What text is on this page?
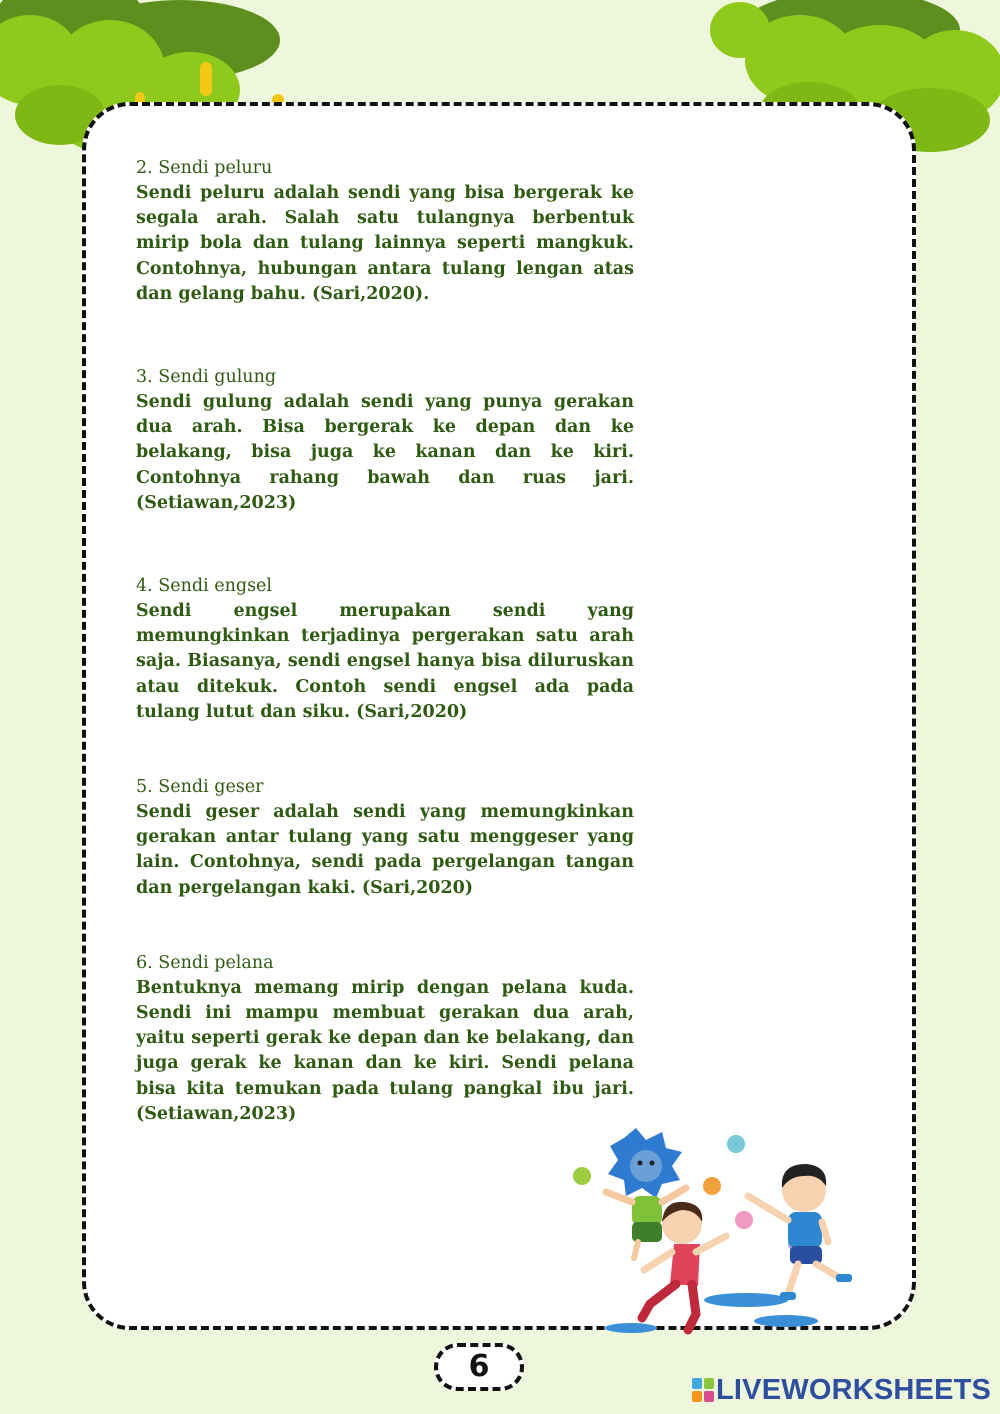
2. Sendi peluru

Sendi peluru adalah sendi yang bisa bergerak ke segala arah. Salah satu tulangnya berbentuk mirip bola dan tulang lainnya seperti mangkuk. Contohnya, hubungan antara tulang lengan atas dan gelang bahu. (Sari,2020).

3. Sendi gulung

Sendi gulung adalah sendi yang punya gerakan dua arah. Bisa bergerak ke depan dan ke belakang, bisa juga ke kanan dan ke kiri. Contohnya rahang bawah dan ruas jari. (Setiawan,2023)

4. Sendi engsel

Sendi engsel merupakan sendi yang memungkinkan terjadinya pergerakan satu arah saja. Biasanya, sendi engsel hanya bisa diluruskan atau ditekuk. Contoh sendi engsel ada pada tulang lutut dan siku. (Sari,2020)

5. Sendi geser

Sendi geser adalah sendi yang memungkinkan gerakan antar tulang yang satu menggeser yang lain. Contohnya, sendi pada pergelangan tangan dan pergelangan kaki. (Sari,2020)

6. Sendi pelana

Bentuknya memang mirip dengan pelana kuda. Sendi ini mampu membuat gerakan dua arah, yaitu seperti gerak ke depan dan ke belakang, dan juga gerak ke kanan dan ke kiri. Sendi pelana bisa kita temukan pada tulang pangkal ibu jari. (Setiawan,2023)

6
LIVEWORKSHEETS
